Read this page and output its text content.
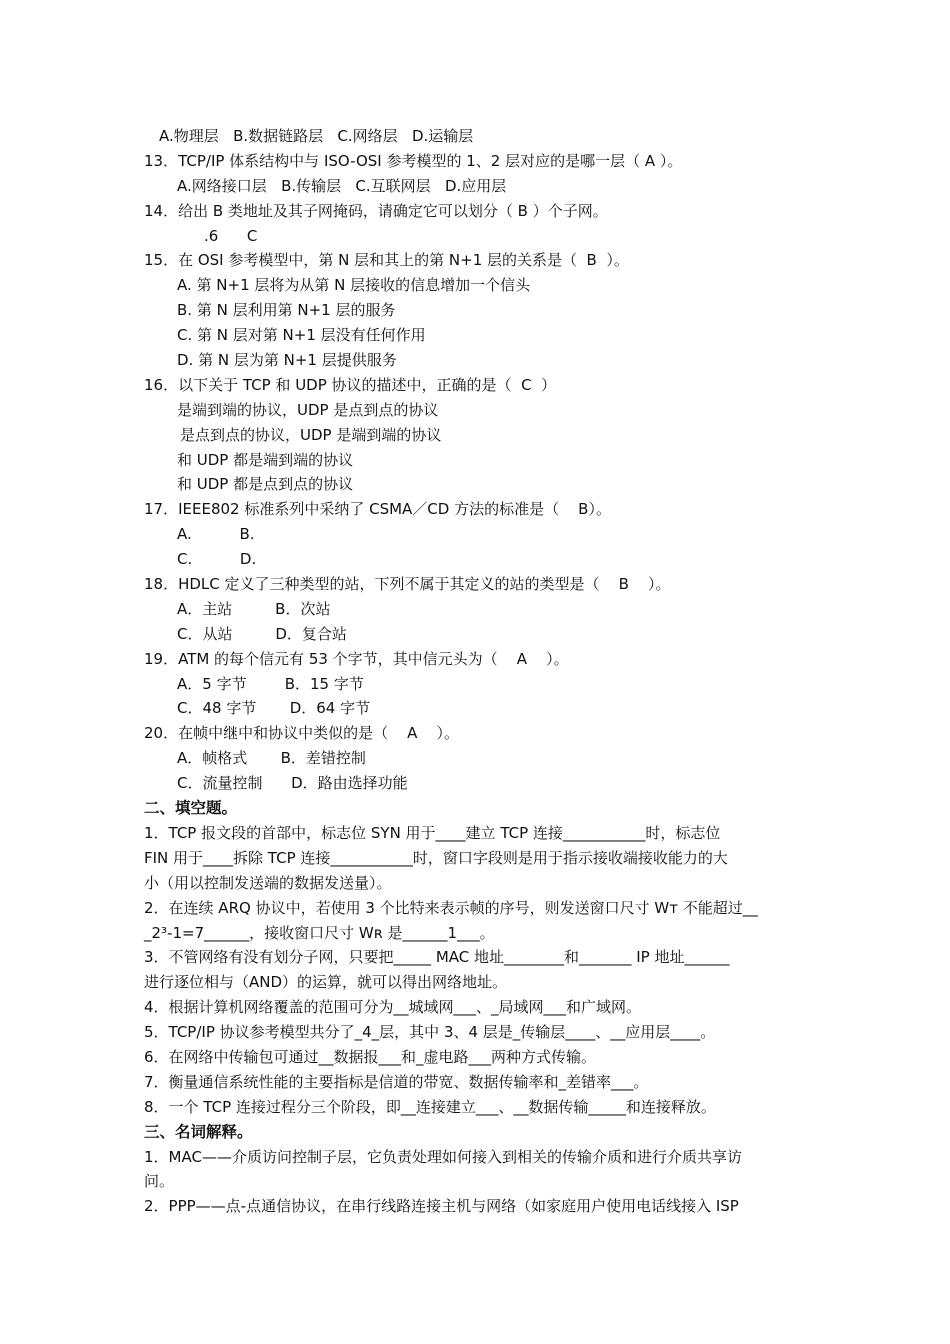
A.物理层   B.数据链路层   C.网络层   D.运输层
13．TCP/IP 体系结构中与 ISO-OSI 参考模型的 1、2 层对应的是哪一层（ A ）。
A.网络接口层   B.传输层   C.互联网层   D.应用层
14．给出 B 类地址及其子网掩码，请确定它可以划分（ B ）个子网。
.6      C
15．在 OSI 参考模型中，第 N 层和其上的第 N+1 层的关系是（  B  ）。
A. 第 N+1 层将为从第 N 层接收的信息增加一个信头
B. 第 N 层利用第 N+1 层的服务
C. 第 N 层对第 N+1 层没有任何作用
D. 第 N 层为第 N+1 层提供服务
16．以下关于 TCP 和 UDP 协议的描述中，正确的是（  C  ）
是端到端的协议，UDP 是点到点的协议
是点到点的协议，UDP 是端到端的协议
和 UDP 都是端到端的协议
和 UDP 都是点到点的协议
17．IEEE802 标准系列中采纳了 CSMA／CD 方法的标准是（    B）。
A.          B.
C.          D.
18．HDLC 定义了三种类型的站，下列不属于其定义的站的类型是（    B    ）。
A．主站         B．次站
C．从站         D．复合站
19．ATM 的每个信元有 53 个字节，其中信元头为（    A    ）。
A．5 字节        B．15 字节
C．48 字节       D．64 字节
20．在帧中继中和协议中类似的是（    A    ）。
A．帧格式       B．差错控制
C．流量控制      D．路由选择功能
二、填空题。
1．TCP 报文段的首部中，标志位 SYN 用于____建立 TCP 连接___________时，标志位
FIN 用于____拆除 TCP 连接___________时，窗口字段则是用于指示接收端接收能力的大
小（用以控制发送端的数据发送量）。
2．在连续 ARQ 协议中，若使用 3 个比特来表示帧的序号，则发送窗口尺寸 Wᴛ 不能超过__
_2³-1=7______，接收窗口尺寸 Wʀ 是______1___。
3．不管网络有没有划分子网，只要把_____ MAC 地址________和_______ IP 地址______
进行逐位相与（AND）的运算，就可以得出网络地址。
4．根据计算机网络覆盖的范围可分为__城域网___、_局域网___和广域网。
5．TCP/IP 协议参考模型共分了_4_层，其中 3、4 层是_传输层____、__应用层____。
6．在网络中传输包可通过__数据报___和_虚电路___两种方式传输。
7．衡量通信系统性能的主要指标是信道的带宽、数据传输率和_差错率___。
8．一个 TCP 连接过程分三个阶段，即__连接建立___、__数据传输_____和连接释放。
三、名词解释。
1．MAC——介质访问控制子层，它负责处理如何接入到相关的传输介质和进行介质共享访
问。
2．PPP——点-点通信协议，在串行线路连接主机与网络（如家庭用户使用电话线接入 ISP
